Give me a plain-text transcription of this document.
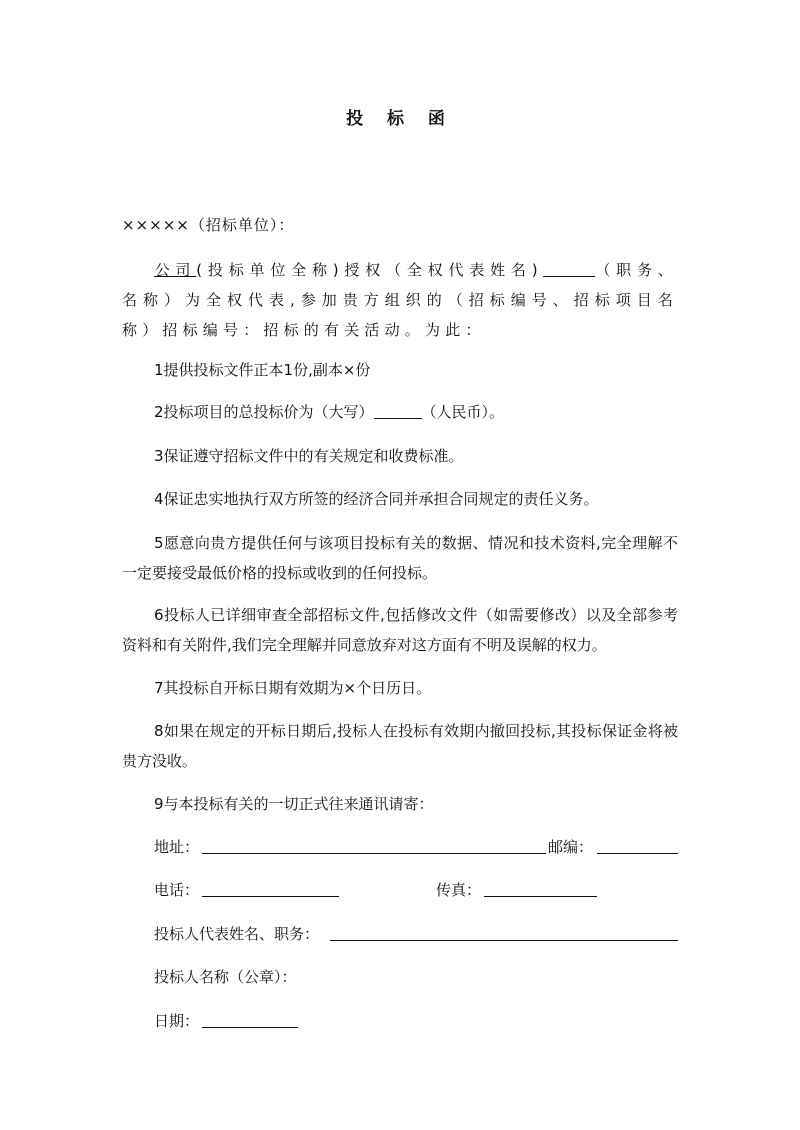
投 标 函
×××××（招标单位）：
公司(投标单位全称)授权（全权代表姓名)	（职务、名称）为全权代表,参加贵方组织的（招标编号、招标项目名称）招标编号：招标的有关活动。为此：
1提供投标文件正本1份,副本×份
2投标项目的总投标价为（大写）	（人民币）。
3保证遵守招标文件中的有关规定和收费标准。
4保证忠实地执行双方所签的经济合同并承担合同规定的责任义务。
5愿意向贵方提供任何与该项目投标有关的数据、情况和技术资料,完全理解不一定要接受最低价格的投标或收到的任何投标。
6投标人已详细审查全部招标文件,包括修改文件（如需要修改）以及全部参考资料和有关附件,我们完全理解并同意放弃对这方面有不明及误解的权力。
7其投标自开标日期有效期为×个日历日。
8如果在规定的开标日期后,投标人在投标有效期内撤回投标,其投标保证金将被贵方没收。
9与本投标有关的一切正式往来通讯请寄：
地址：	邮编：
电话：	传真：
投标人代表姓名、职务：
投标人名称（公章）：
日期：
